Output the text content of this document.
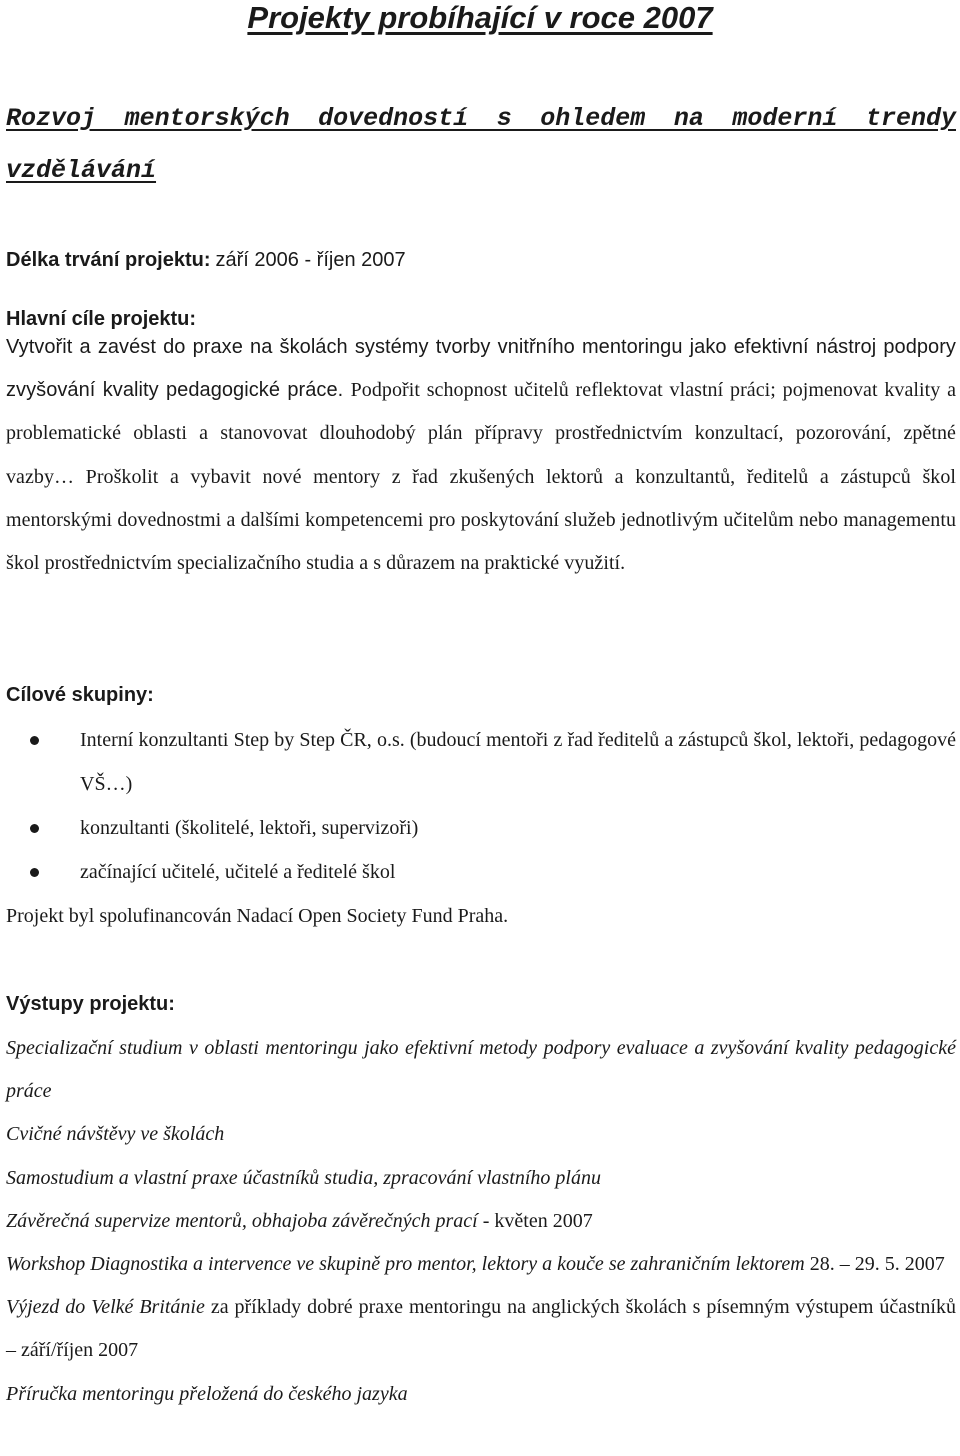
Projekty probíhající v roce 2007
Rozvoj mentorských dovedností s ohledem na moderní trendy vzdělávání
Délka trvání projektu: září 2006 - říjen 2007
Hlavní cíle projektu:
Vytvořit a zavést do praxe na školách systémy tvorby vnitřního mentoringu jako efektivní nástroj podpory zvyšování kvality pedagogické práce. Podpořit schopnost učitelů reflektovat vlastní práci; pojmenovat kvality a problematické oblasti a stanovovat dlouhodobý plán přípravy prostřednictvím konzultací, pozorování, zpětné vazby… Proškolit a vybavit nové mentory z řad zkušených lektorů a konzultantů, ředitelů a zástupců škol mentorskými dovednostmi a dalšími kompetencemi pro poskytování služeb jednotlivým učitelům nebo managementu škol prostřednictvím specializačního studia a s důrazem na praktické využití.
Cílové skupiny:
Interní konzultanti Step by Step ČR, o.s. (budoucí mentoři z řad ředitelů a zástupců škol, lektoři, pedagogové VŠ…)
konzultanti (školitelé, lektoři, supervizoři)
začínající učitelé, učitelé a ředitelé škol
Projekt byl spolufinancován Nadací Open Society Fund Praha.
Výstupy projektu:
Specializační studium v oblasti mentoringu jako efektivní metody podpory evaluace a zvyšování kvality pedagogické práce
Cvičné návštěvy ve školách
Samostudium a vlastní praxe účastníků studia, zpracování vlastního plánu
Závěrečná supervize mentorů, obhajoba závěrečných prací - květen 2007
Workshop Diagnostika a intervence ve skupině pro mentor, lektory a kouče se zahraničním lektorem 28. – 29. 5. 2007
Výjezd do Velké Británie za příklady dobré praxe mentoringu na anglických školách s písemným výstupem účastníků – září/říjen 2007
Příručka mentoringu přeložená do českého jazyka
